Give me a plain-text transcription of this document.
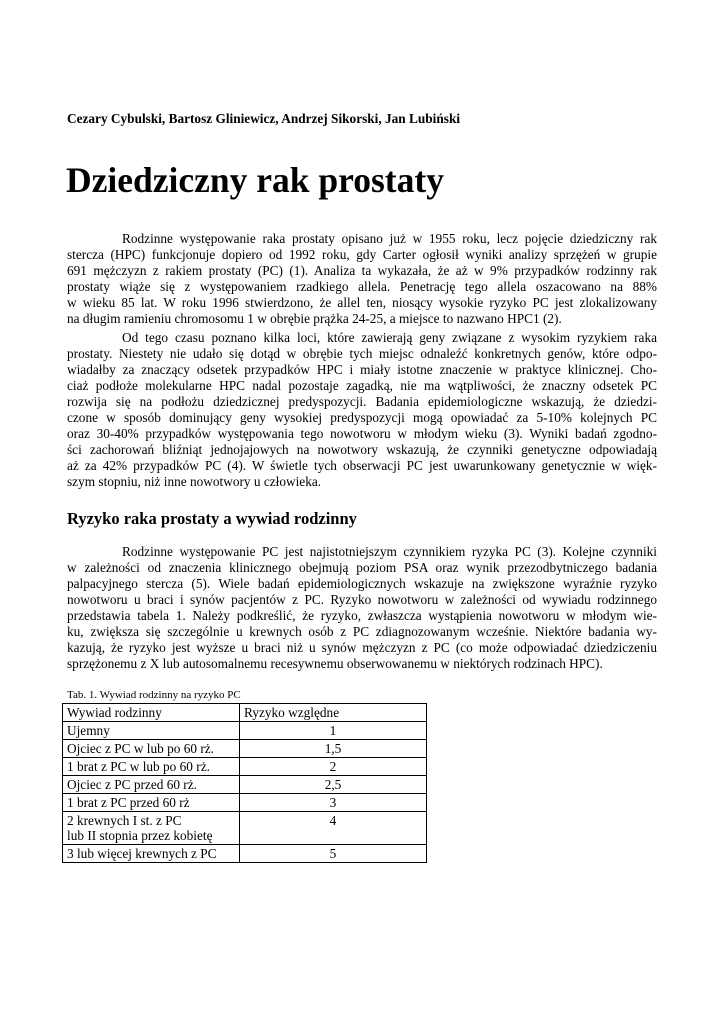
Cezary Cybulski, Bartosz Gliniewicz, Andrzej Sikorski, Jan Lubiński
Dziedziczny rak prostaty

Rodzinne występowanie raka prostaty opisano już w 1955 roku, lecz pojęcie dziedziczny rak
stercza (HPC) funkcjonuje dopiero od 1992 roku, gdy Carter ogłosił wyniki analizy sprzężeń w grupie
691 mężczyzn z rakiem prostaty (PC) (1). Analiza ta wykazała, że aż w 9% przypadków rodzinny rak
prostaty wiąże się z występowaniem rzadkiego allela. Penetrację tego allela oszacowano na 88%
w wieku 85 lat. W roku 1996 stwierdzono, że allel ten, niosący wysokie ryzyko PC jest zlokalizowany
na długim ramieniu chromosomu 1 w obrębie prążka 24-25, a miejsce to nazwano HPC1 (2).

Od tego czasu poznano kilka loci, które zawierają geny związane z wysokim ryzykiem raka
prostaty. Niestety nie udało się dotąd w obrębie tych miejsc odnaleźć konkretnych genów, które odpo-
wiadałby za znaczący odsetek przypadków HPC i miały istotne znaczenie w praktyce klinicznej. Cho-
ciaż podłoże molekularne HPC nadal pozostaje zagadką, nie ma wątpliwości, że znaczny odsetek PC
rozwija się na podłożu dziedzicznej predyspozycji. Badania epidemiologiczne wskazują, że dziedzi-
czone w sposób dominujący geny wysokiej predyspozycji mogą opowiadać za 5-10% kolejnych PC
oraz 30-40% przypadków występowania tego nowotworu w młodym wieku (3). Wyniki badań zgodno-
ści zachorowań bliźniąt jednojajowych na nowotwory wskazują, że czynniki genetyczne odpowiadają
aż za 42% przypadków PC (4). W świetle tych obserwacji PC jest uwarunkowany genetycznie w więk-
szym stopniu, niż inne nowotwory u człowieka.

Ryzyko raka prostaty a wywiad rodzinny

Rodzinne występowanie PC jest najistotniejszym czynnikiem ryzyka PC (3). Kolejne czynniki
w zależności od znaczenia klinicznego obejmują poziom PSA oraz wynik przezodbytniczego badania
palpacyjnego stercza (5). Wiele badań epidemiologicznych wskazuje na zwiększone wyraźnie ryzyko
nowotworu u braci i synów pacjentów z PC. Ryzyko nowotworu w zależności od wywiadu rodzinnego
przedstawia tabela 1. Należy podkreślić, że ryzyko, zwłaszcza wystąpienia nowotworu w młodym wie-
ku, zwiększa się szczególnie u krewnych osób z PC zdiagnozowanym wcześnie. Niektóre badania wy-
kazują, że ryzyko jest wyższe u braci niż u synów mężczyzn z PC (co może odpowiadać dziedziczeniu
sprzężonemu z X lub autosomalnemu recesywnemu obserwowanemu w niektórych rodzinach HPC).

Tab. 1. Wywiad rodzinny na ryzyko PC
Wywiad rodzinny	Ryzyko względne
Ujemny	1
Ojciec z PC w lub po 60 rż.	1,5
1 brat z PC w lub po 60 rż.	2
Ojciec z PC przed 60 rż.	2,5
1 brat z PC przed 60 rż	3

2 krewnych I st. z PC
lub II stopnia przez kobietę	4
3 lub więcej krewnych z PC	5
